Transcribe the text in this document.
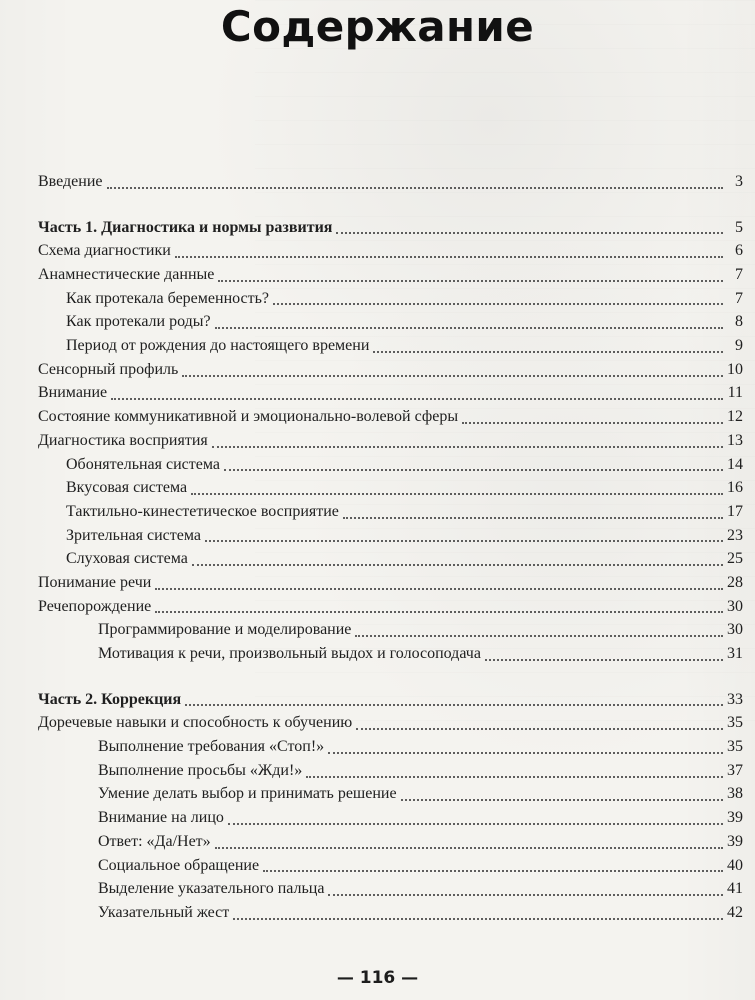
Содержание
Введение	3
Часть 1. Диагностика и нормы развития	5
Схема диагностики	6
Анамнестические данные	7
Как протекала беременность?	7
Как протекали роды?	8
Период от рождения до настоящего времени	9
Сенсорный профиль	10
Внимание	11
Состояние коммуникативной и эмоционально-волевой сферы	12
Диагностика восприятия	13
Обонятельная система	14
Вкусовая система	16
Тактильно-кинестетическое восприятие	17
Зрительная система	23
Слуховая система	25
Понимание речи	28
Речепорождение	30
Программирование и моделирование	30
Мотивация к речи, произвольный выдох и голосоподача	31
Часть 2. Коррекция	33
Доречевые навыки и способность к обучению	35
Выполнение требования «Стоп!»	35
Выполнение просьбы «Жди!»	37
Умение делать выбор и принимать решение	38
Внимание на лицо	39
Ответ: «Да/Нет»	39
Социальное обращение	40
Выделение указательного пальца	41
Указательный жест	42
— 116 —
